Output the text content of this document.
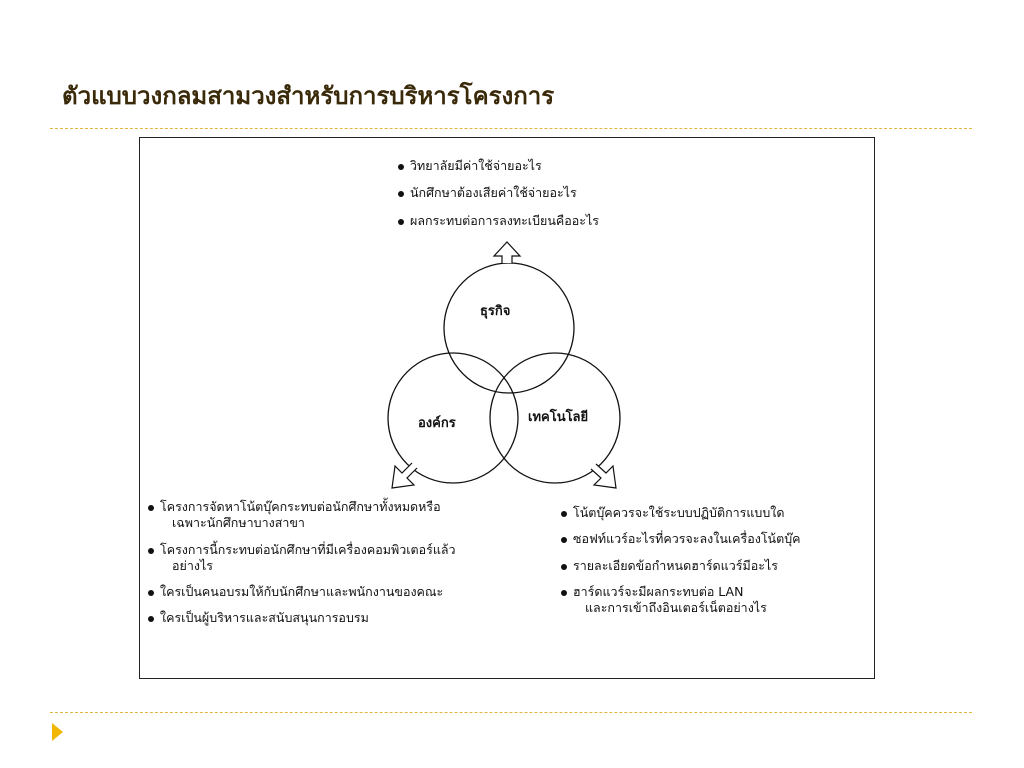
ตัวแบบวงกลมสามวงสำหรับการบริหารโครงการ
ธุรกิจ
องค์กร	เทคโนโลยี
วิทยาลัยมีค่าใช้จ่ายอะไร
นักศึกษาต้องเสียค่าใช้จ่ายอะไร
ผลกระทบต่อการลงทะเบียนคืออะไร
โครงการจัดหาโน้ตบุ๊คกระทบต่อนักศึกษาทั้งหมดหรือ
เฉพาะนักศึกษาบางสาขา
โครงการนี้กระทบต่อนักศึกษาที่มีเครื่องคอมพิวเตอร์แล้ว
อย่างไร
ใครเป็นคนอบรมให้กับนักศึกษาและพนักงานของคณะ
ใครเป็นผู้บริหารและสนับสนุนการอบรม
โน้ตบุ๊คควรจะใช้ระบบปฏิบัติการแบบใด
ซอฟท์แวร์อะไรที่ควรจะลงในเครื่องโน้ตบุ๊ค
รายละเอียดข้อกำหนดฮาร์ดแวร์มีอะไร
ฮาร์ดแวร์จะมีผลกระทบต่อ LAN
และการเข้าถึงอินเตอร์เน็ตอย่างไร
